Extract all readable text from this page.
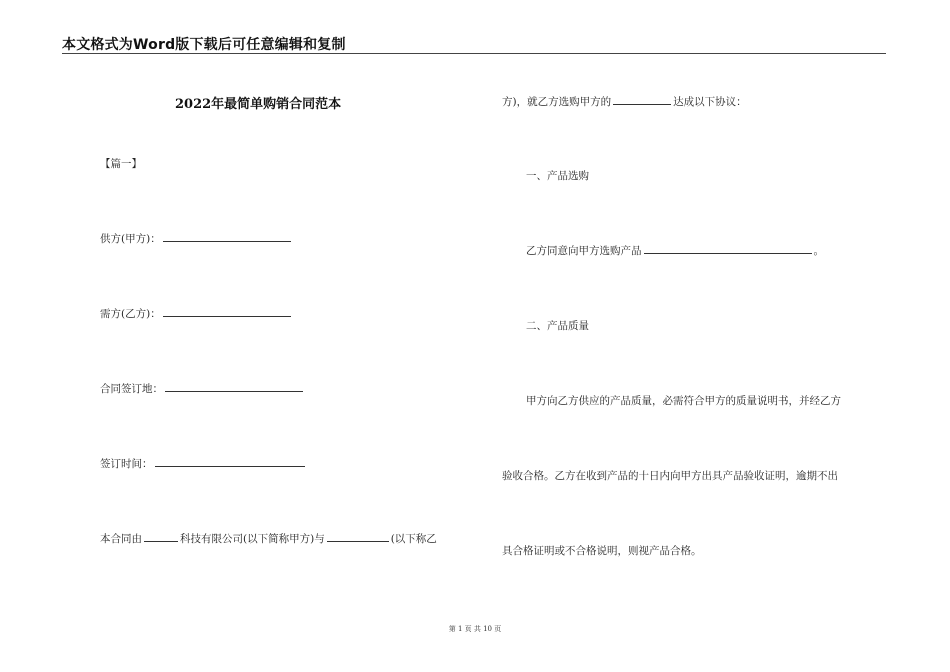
本文格式为Word版下载后可任意编辑和复制
2022年最简单购销合同范本
【篇一】
供方(甲方)：
需方(乙方)：
合同签订地：
签订时间：
本合同由	科技有限公司(以下简称甲方)与	(以下称乙
方)，就乙方选购甲方的	达成以下协议：
一、产品选购
乙方同意向甲方选购产品	。
二、产品质量
甲方向乙方供应的产品质量，必需符合甲方的质量说明书，并经乙方
验收合格。乙方在收到产品的十日内向甲方出具产品验收证明，逾期不出
具合格证明或不合格说明，则视产品合格。
第 1 页 共 10 页
